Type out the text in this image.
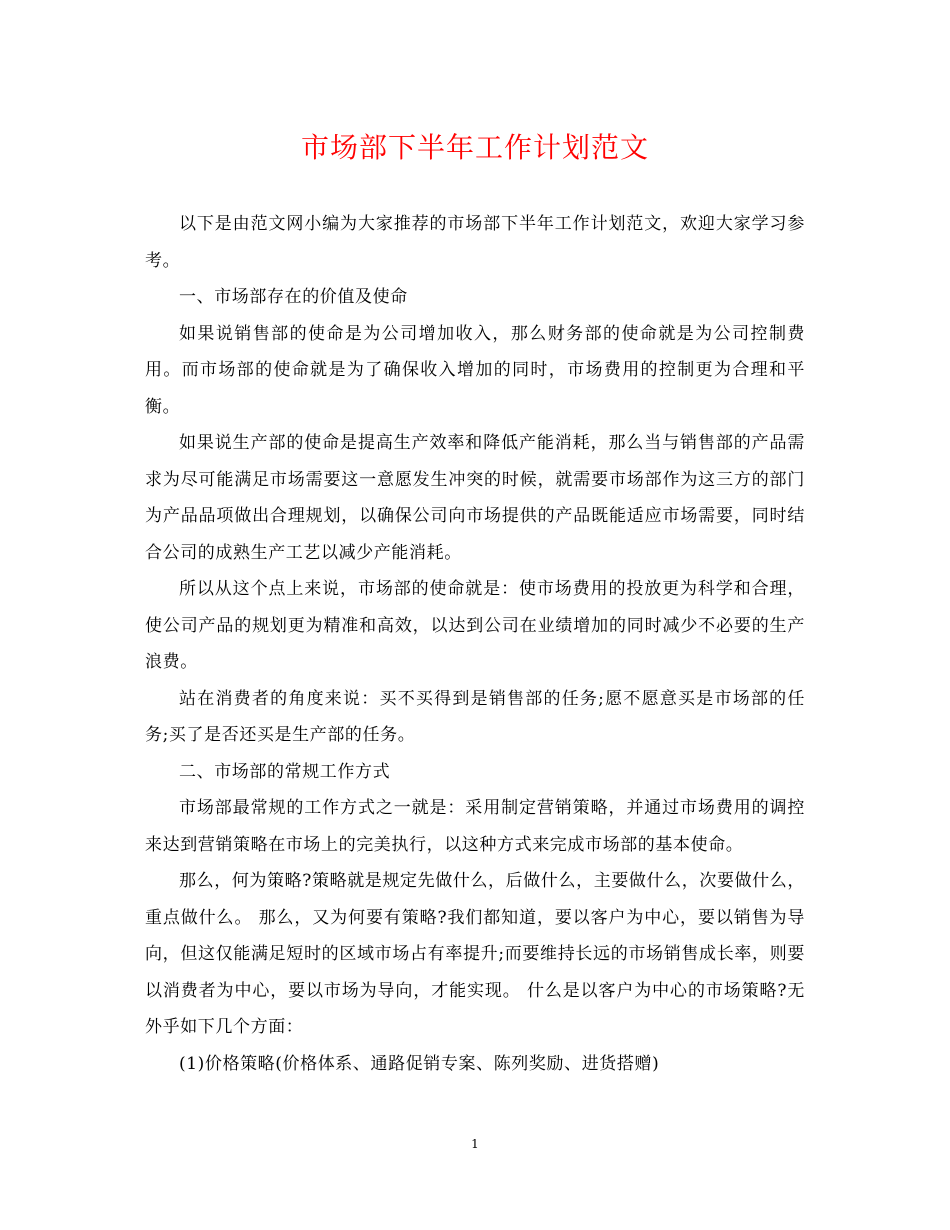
市场部下半年工作计划范文

以下是由范文网小编为大家推荐的市场部下半年工作计划范文，欢迎大家学习参考。

一、市场部存在的价值及使命

如果说销售部的使命是为公司增加收入，那么财务部的使命就是为公司控制费用。而市场部的使命就是为了确保收入增加的同时，市场费用的控制更为合理和平衡。

如果说生产部的使命是提高生产效率和降低产能消耗，那么当与销售部的产品需求为尽可能满足市场需要这一意愿发生冲突的时候，就需要市场部作为这三方的部门为产品品项做出合理规划，以确保公司向市场提供的产品既能适应市场需要，同时结合公司的成熟生产工艺以减少产能消耗。

所以从这个点上来说，市场部的使命就是：使市场费用的投放更为科学和合理，使公司产品的规划更为精准和高效，以达到公司在业绩增加的同时减少不必要的生产浪费。

站在消费者的角度来说：买不买得到是销售部的任务;愿不愿意买是市场部的任务;买了是否还买是生产部的任务。

二、市场部的常规工作方式

市场部最常规的工作方式之一就是：采用制定营销策略，并通过市场费用的调控来达到营销策略在市场上的完美执行，以这种方式来完成市场部的基本使命。

那么，何为策略?策略就是规定先做什么，后做什么，主要做什么，次要做什么，重点做什么。 那么，又为何要有策略?我们都知道，要以客户为中心，要以销售为导向，但这仅能满足短时的区域市场占有率提升;而要维持长远的市场销售成长率，则要以消费者为中心，要以市场为导向，才能实现。 什么是以客户为中心的市场策略?无外乎如下几个方面：

(1)价格策略(价格体系、通路促销专案、陈列奖励、进货搭赠)

1
